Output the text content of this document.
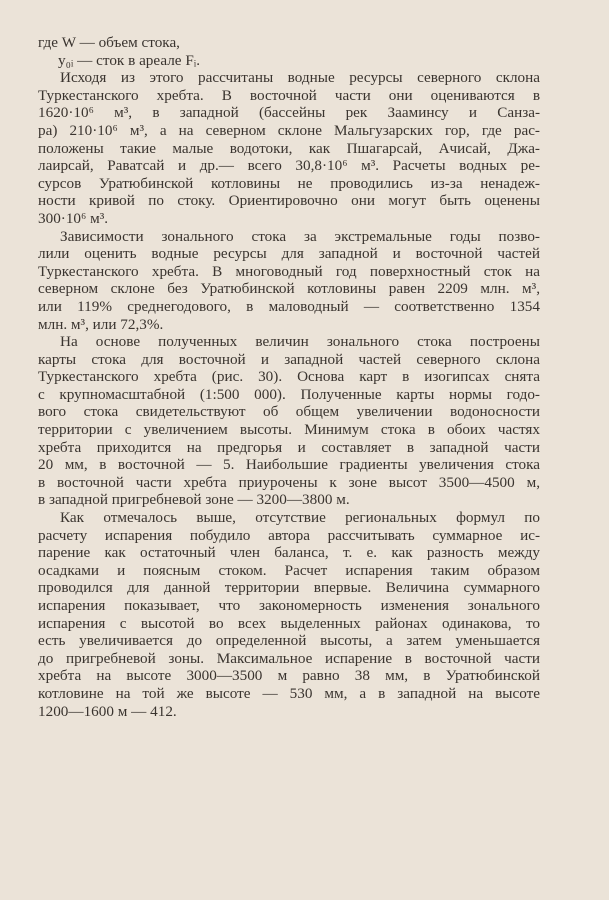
где W — объем стока,
y₀ᵢ — сток в ареале Fᵢ.
Исходя из этого рассчитаны водные ресурсы северного склона
Туркестанского хребта. В восточной части они оцениваются в
1620·10⁶ м³, в западной (бассейны рек Зааминсу и Санза-
ра) 210·10⁶ м³, а на северном склоне Мальгузарских гор, где рас-
положены такие малые водотоки, как Пшагарсай, Ачисай, Джа-
лаирсай, Раватсай и др.— всего 30,8·10⁶ м³. Расчеты водных ре-
сурсов Уратюбинской котловины не проводились из-за ненадеж-
ности кривой по стоку. Ориентировочно они могут быть оценены
300·10⁶ м³.
Зависимости зонального стока за экстремальные годы позво-
лили оценить водные ресурсы для западной и восточной частей
Туркестанского хребта. В многоводный год поверхностный сток на
северном склоне без Уратюбинской котловины равен 2209 млн. м³,
или 119% среднегодового, в маловодный — соответственно 1354
млн. м³, или 72,3%.
На основе полученных величин зонального стока построены
карты стока для восточной и западной частей северного склона
Туркестанского хребта (рис. 30). Основа карт в изогипсах снята
с крупномасштабной (1:500 000). Полученные карты нормы годо-
вого стока свидетельствуют об общем увеличении водоносности
территории с увеличением высоты. Минимум стока в обоих частях
хребта приходится на предгорья и составляет в западной части
20 мм, в восточной — 5. Наибольшие градиенты увеличения стока
в восточной части хребта приурочены к зоне высот 3500—4500 м,
в западной пригребневой зоне — 3200—3800 м.
Как отмечалось выше, отсутствие региональных формул по
расчету испарения побудило автора рассчитывать суммарное ис-
парение как остаточный член баланса, т. е. как разность между
осадками и поясным стоком. Расчет испарения таким образом
проводился для данной территории впервые. Величина суммарного
испарения показывает, что закономерность изменения зонального
испарения с высотой во всех выделенных районах одинакова, то
есть увеличивается до определенной высоты, а затем уменьшается
до пригребневой зоны. Максимальное испарение в восточной части
хребта на высоте 3000—3500 м равно 38 мм, в Уратюбинской
котловине на той же высоте — 530 мм, а в западной на высоте
1200—1600 м — 412.
